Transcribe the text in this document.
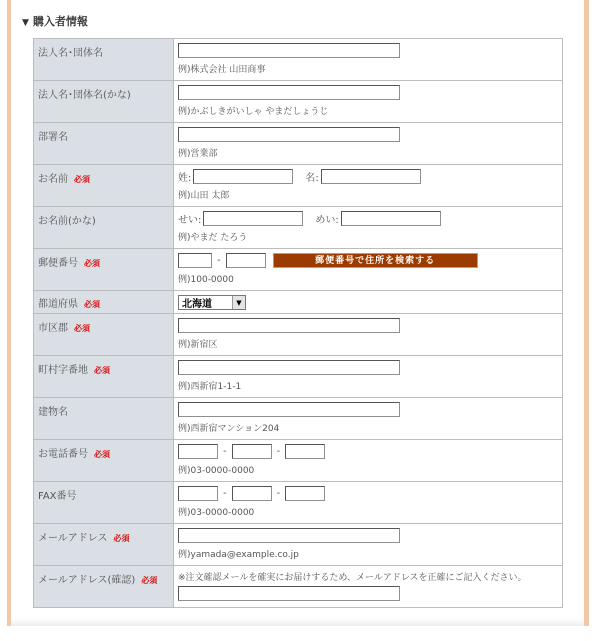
▼ 購入者情報
法人名･団体名	例)株式会社 山田商事

法人名･団体名(かな)	例)かぶしきがいしゃ やまだしょうじ

部署名	例)営業部

お名前 必須	姓: 名:
例)山田 太郎

お名前(かな)	せい: めい:
例)やまだ たろう

郵便番号 必須	- 郵便番号で住所を検索する
例)100-0000

都道府県 必須	北海道 ▼

市区郡 必須	例)新宿区

町村字番地 必須	例)西新宿1-1-1

建物名	例)西新宿マンション204

お電話番号 必須	- -
例)03-0000-0000

FAX番号	- -
例)03-0000-0000

メールアドレス 必須	例)yamada@example.co.jp

メールアドレス(確認) 必須	※注文確認メールを確実にお届けするため、メールアドレスを正確にご記入ください。
